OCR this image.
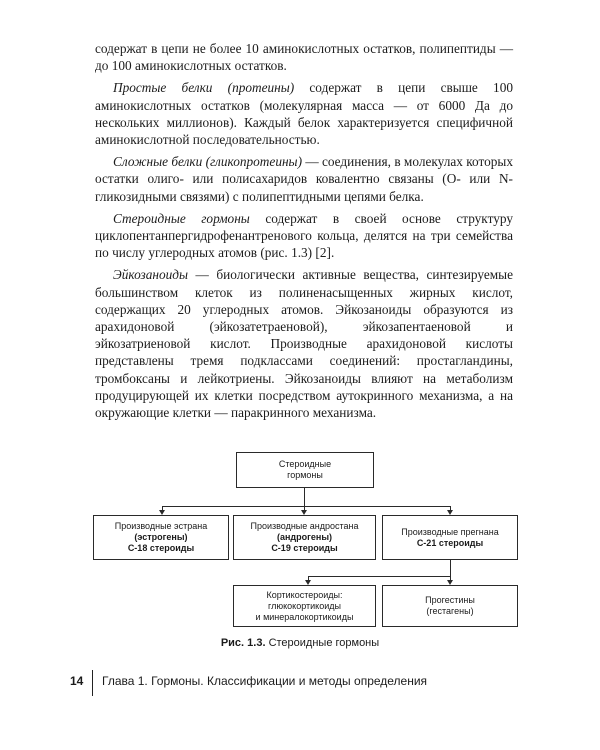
содержат в цепи не более 10 аминокислотных остатков, полипептиды — до 100 аминокислотных остатков.

Простые белки (протеины) содержат в цепи свыше 100 аминокислотных остатков (молекулярная масса — от 6000 Да до нескольких миллионов). Каждый белок характеризуется специфичной аминокислотной последовательностью.

Сложные белки (гликопротеины) — соединения, в молекулах которых остатки олиго- или полисахаридов ковалентно связаны (O- или N-гликозидными связями) с полипептидными цепями белка.

Стероидные гормоны содержат в своей основе структуру циклопентанпергидрофенантренового кольца, делятся на три семейства по числу углеродных атомов (рис. 1.3) [2].

Эйкозаноиды — биологически активные вещества, синтезируемые большинством клеток из полиненасыщенных жирных кислот, содержащих 20 углеродных атомов. Эйкозаноиды образуются из арахидоновой (эйкозатетраеновой), эйкозапентаеновой и эйкозатриеновой кислот. Производные арахидоновой кислоты представлены тремя подклассами соединений: простагландины, тромбоксаны и лейкотриены. Эйкозаноиды влияют на метаболизм продуцирующей их клетки посредством аутокринного механизма, а на окружающие клетки — паракринного механизма.

Стероидные
гормоны
Производные эстрана
(эстрогены)
C-18 стероиды
Производные андростана
(андрогены)
C-19 стероиды
Производные прегнана
C-21 стероиды
Кортикостероиды:
глюкокортикоиды
и минералокортикоиды
Прогестины
(гестагены)
Рис. 1.3. Стероидные гормоны
14 Глава 1. Гормоны. Классификации и методы определения
